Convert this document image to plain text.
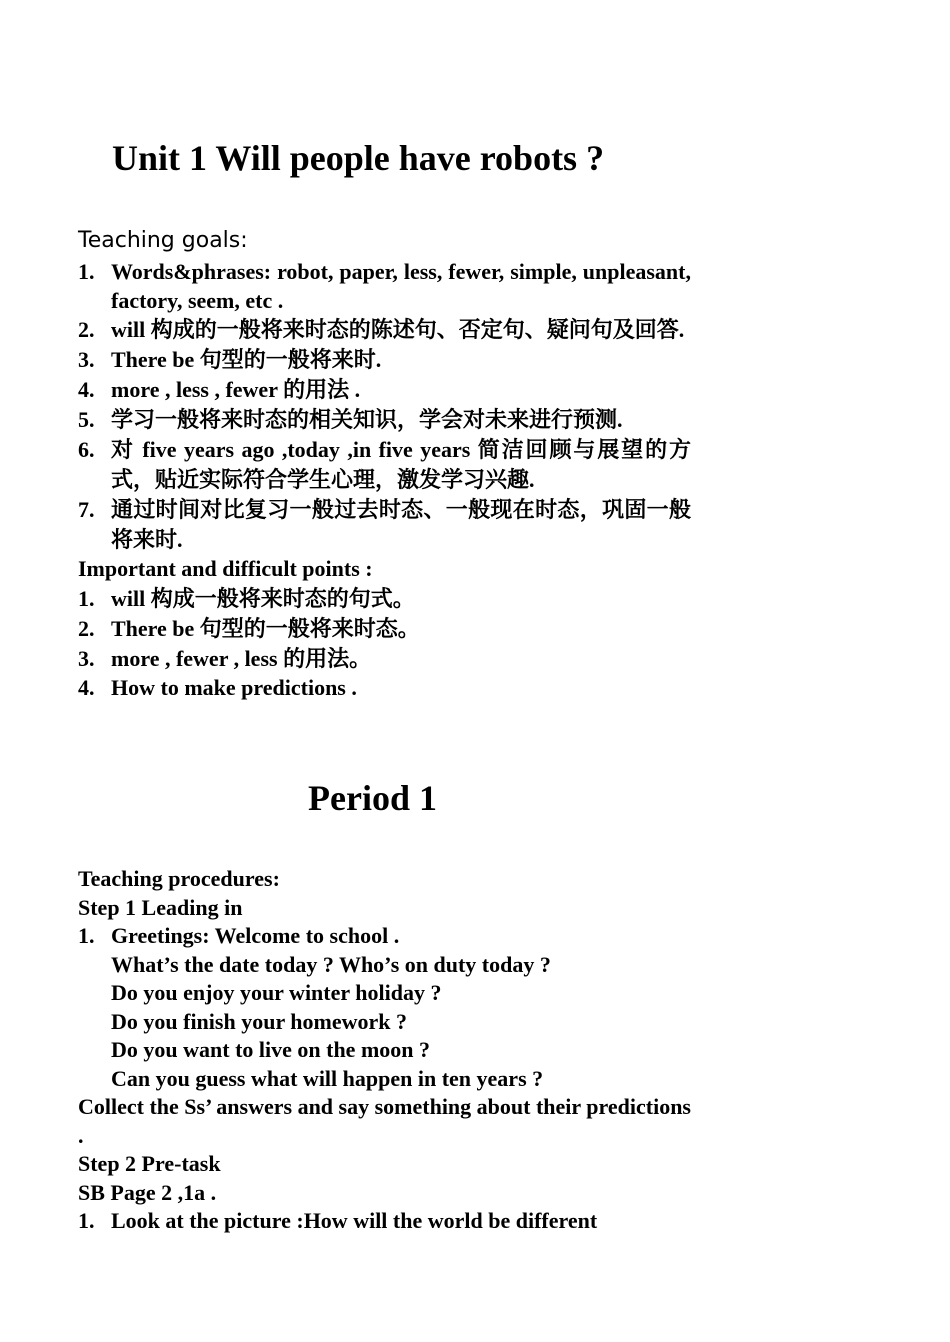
Unit 1 Will people have robots ?
Teaching goals:
1. Words&phrases: robot, paper, less, fewer, simple, unpleasant, factory, seem, etc .
2. will 构成的一般将来时态的陈述句、否定句、疑问句及回答.
3. There be 句型的一般将来时.
4. more , less , fewer 的用法 .
5. 学习一般将来时态的相关知识，学会对未来进行预测.
6. 对 five years ago ,today ,in five years 简洁回顾与展望的方式，贴近实际符合学生心理，激发学习兴趣.
7. 通过时间对比复习一般过去时态、一般现在时态，巩固一般将来时.
Important and difficult points :
1. will 构成一般将来时态的句式。
2. There be 句型的一般将来时态。
3. more , fewer , less 的用法。
4. How to make predictions .
Period 1
Teaching procedures:
Step 1 Leading in
1. Greetings: Welcome to school .
What’s the date today ? Who’s on duty today ?
Do you enjoy your winter holiday ?
Do you finish your homework ?
Do you want to live on the moon ?
Can you guess what will happen in ten years ?
Collect the Ss’ answers and say something about their predictions .
Step 2 Pre-task
SB Page 2 ,1a .
1. Look at the picture :How will the world be different
